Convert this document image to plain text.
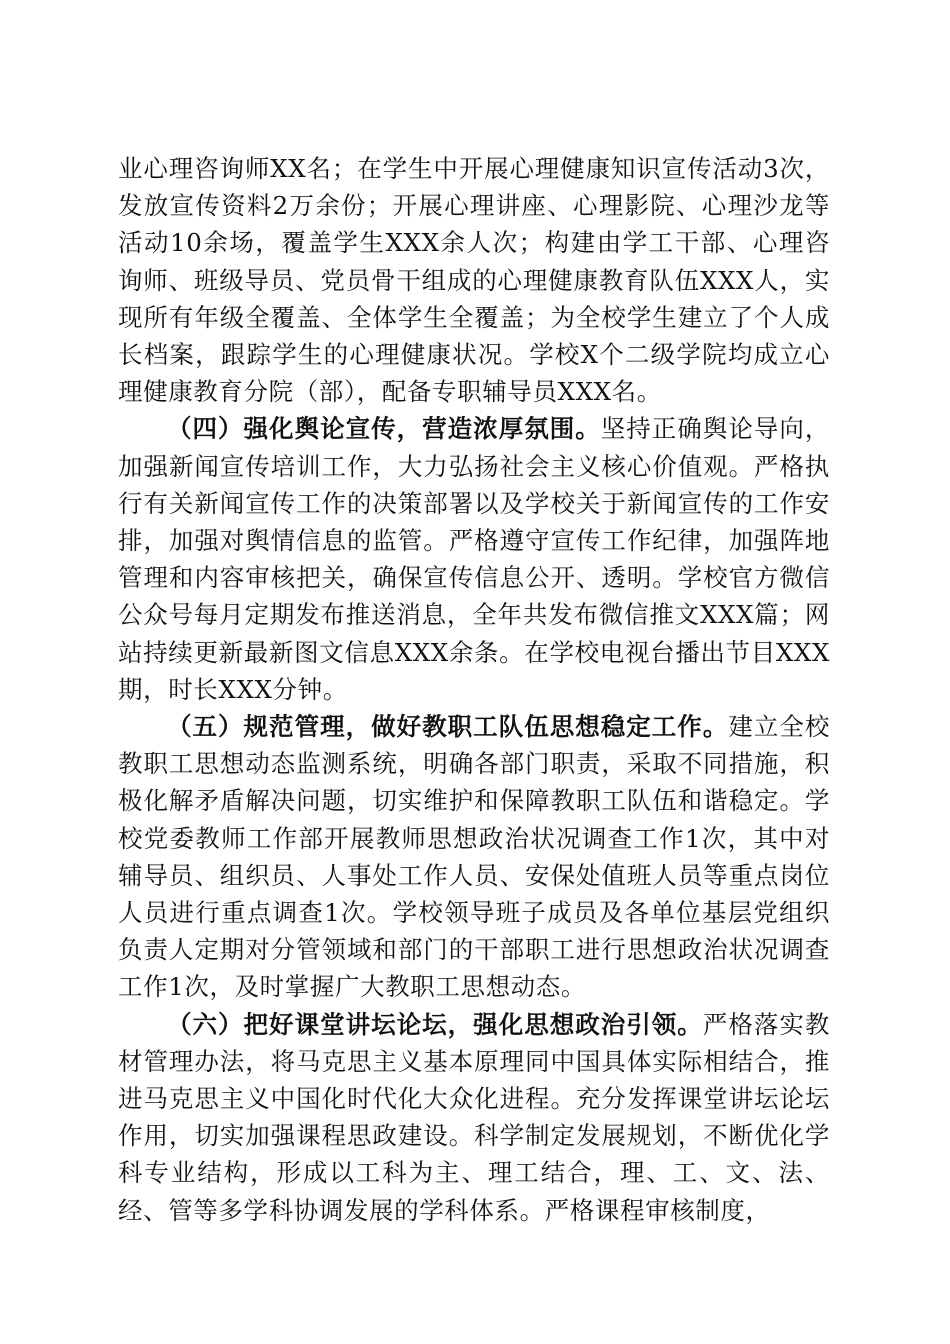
业心理咨询师XX名；在学生中开展心理健康知识宣传活动3次，发放宣传资料2万余份；开展心理讲座、心理影院、心理沙龙等活动10余场，覆盖学生XXX余人次；构建由学工干部、心理咨询师、班级导员、党员骨干组成的心理健康教育队伍XXX人，实现所有年级全覆盖、全体学生全覆盖；为全校学生建立了个人成长档案，跟踪学生的心理健康状况。学校X个二级学院均成立心理健康教育分院（部），配备专职辅导员XXX名。

（四）强化舆论宣传，营造浓厚氛围。坚持正确舆论导向，加强新闻宣传培训工作，大力弘扬社会主义核心价值观。严格执行有关新闻宣传工作的决策部署以及学校关于新闻宣传的工作安排，加强对舆情信息的监管。严格遵守宣传工作纪律，加强阵地管理和内容审核把关，确保宣传信息公开、透明。学校官方微信公众号每月定期发布推送消息，全年共发布微信推文XXX篇；网站持续更新最新图文信息XXX余条。在学校电视台播出节目XXX期，时长XXX分钟。

（五）规范管理，做好教职工队伍思想稳定工作。建立全校教职工思想动态监测系统，明确各部门职责，采取不同措施，积极化解矛盾解决问题，切实维护和保障教职工队伍和谐稳定。学校党委教师工作部开展教师思想政治状况调查工作1次，其中对辅导员、组织员、人事处工作人员、安保处值班人员等重点岗位人员进行重点调查1次。学校领导班子成员及各单位基层党组织负责人定期对分管领域和部门的干部职工进行思想政治状况调查工作1次，及时掌握广大教职工思想动态。

（六）把好课堂讲坛论坛，强化思想政治引领。严格落实教材管理办法，将马克思主义基本原理同中国具体实际相结合，推进马克思主义中国化时代化大众化进程。充分发挥课堂讲坛论坛作用，切实加强课程思政建设。科学制定发展规划，不断优化学科专业结构，形成以工科为主、理工结合，理、工、文、法、经、管等多学科协调发展的学科体系。严格课程审核制度，
